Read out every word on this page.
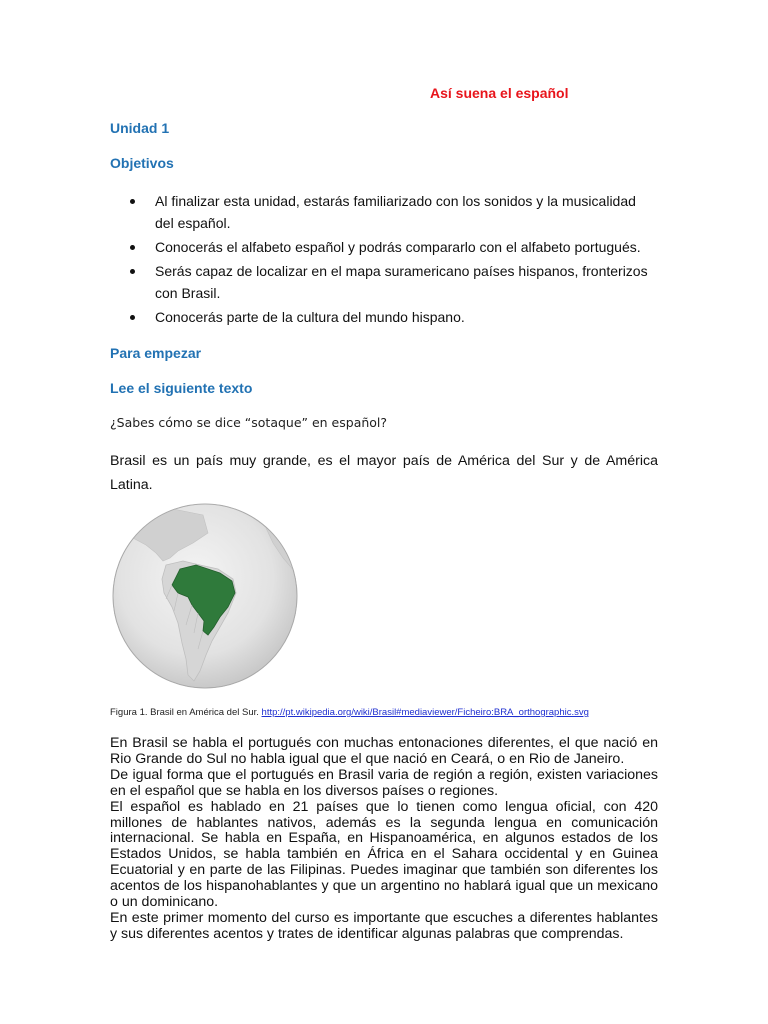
Así suena el español
Unidad 1
Objetivos
Al finalizar esta unidad, estarás familiarizado con los sonidos y la musicalidad del español.
Conocerás el alfabeto español y podrás compararlo con el alfabeto portugués.
Serás capaz de localizar en el mapa suramericano países hispanos, fronterizos con Brasil.
Conocerás parte de la cultura del mundo hispano.
Para empezar
Lee el siguiente texto
¿Sabes cómo se dice “sotaque” en español?
Brasil es un país muy grande, es el mayor país de América del Sur y de América Latina.
Figura 1. Brasil en América del Sur. http://pt.wikipedia.org/wiki/Brasil#mediaviewer/Ficheiro:BRA_orthographic.svg

En Brasil se habla el portugués con muchas entonaciones diferentes, el que nació en Rio Grande do Sul no habla igual que el que nació en Ceará, o en Rio de Janeiro.

De igual forma que el portugués en Brasil varia de región a región, existen variaciones en el español que se habla en los diversos países o regiones.

El español es hablado en 21 países que lo tienen como lengua oficial, con 420 millones de hablantes nativos, además es la segunda lengua en comunicación internacional. Se habla en España, en Hispanoamérica, en algunos estados de los Estados Unidos, se habla también en África en el Sahara occidental y en Guinea Ecuatorial y en parte de las Filipinas. Puedes imaginar que también son diferentes los acentos de los hispanohablantes y que un argentino no hablará igual que un mexicano o un dominicano.

En este primer momento del curso es importante que escuches a diferentes hablantes y sus diferentes acentos y trates de identificar algunas palabras que comprendas.
